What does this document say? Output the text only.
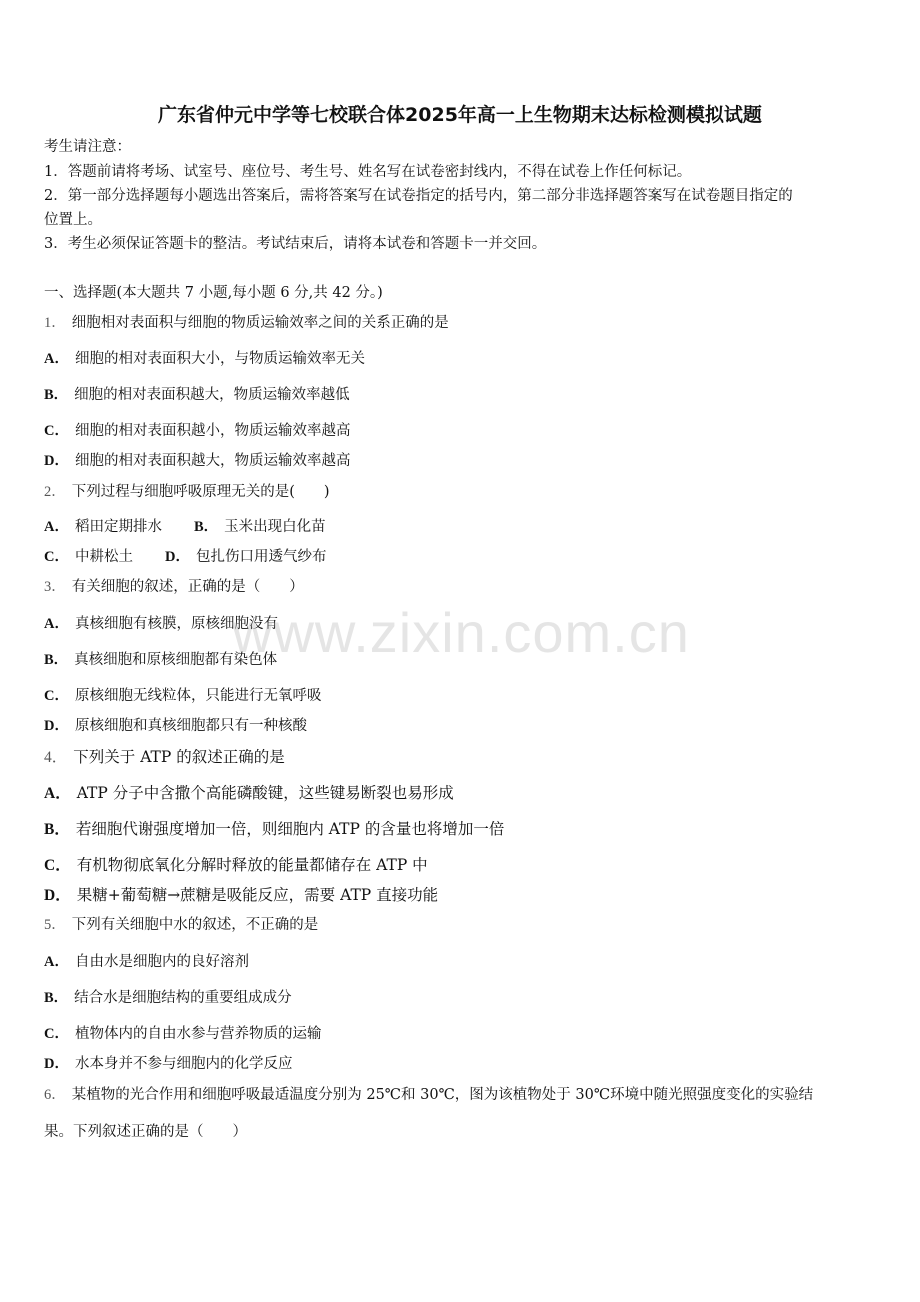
广东省仲元中学等七校联合体2025年高一上生物期末达标检测模拟试题
考生请注意：
1．答题前请将考场、试室号、座位号、考生号、姓名写在试卷密封线内，不得在试卷上作任何标记。
2．第一部分选择题每小题选出答案后，需将答案写在试卷指定的括号内，第二部分非选择题答案写在试卷题目指定的
位置上。
3．考生必须保证答题卡的整洁。考试结束后，请将本试卷和答题卡一并交回。
一、选择题(本大题共 7 小题,每小题 6 分,共 42 分。)
1． 细胞相对表面积与细胞的物质运输效率之间的关系正确的是
A． 细胞的相对表面积大小，与物质运输效率无关
B． 细胞的相对表面积越大，物质运输效率越低
C． 细胞的相对表面积越小，物质运输效率越高
D． 细胞的相对表面积越大，物质运输效率越高
2． 下列过程与细胞呼吸原理无关的是(　　)
A． 稻田定期排水 B． 玉米出现白化苗
C． 中耕松土 D． 包扎伤口用透气纱布
3． 有关细胞的叙述，正确的是（　　）
A． 真核细胞有核膜，原核细胞没有
B． 真核细胞和原核细胞都有染色体
C． 原核细胞无线粒体，只能进行无氧呼吸
D． 原核细胞和真核细胞都只有一种核酸
4． 下列关于 ATP 的叙述正确的是
A． ATP 分子中含撒个高能磷酸键，这些键易断裂也易形成
B． 若细胞代谢强度增加一倍，则细胞内 ATP 的含量也将增加一倍
C． 有机物彻底氧化分解时释放的能量都储存在 ATP 中
D． 果糖+葡萄糖→蔗糖是吸能反应，需要 ATP 直接功能
5． 下列有关细胞中水的叙述，不正确的是
A． 自由水是细胞内的良好溶剂
B． 结合水是细胞结构的重要组成成分
C． 植物体内的自由水参与营养物质的运输
D． 水本身并不参与细胞内的化学反应
6． 某植物的光合作用和细胞呼吸最适温度分别为 25℃和 30℃，图为该植物处于 30℃环境中随光照强度变化的实验结
果。下列叙述正确的是（　　）
www.zixin.com.cn
